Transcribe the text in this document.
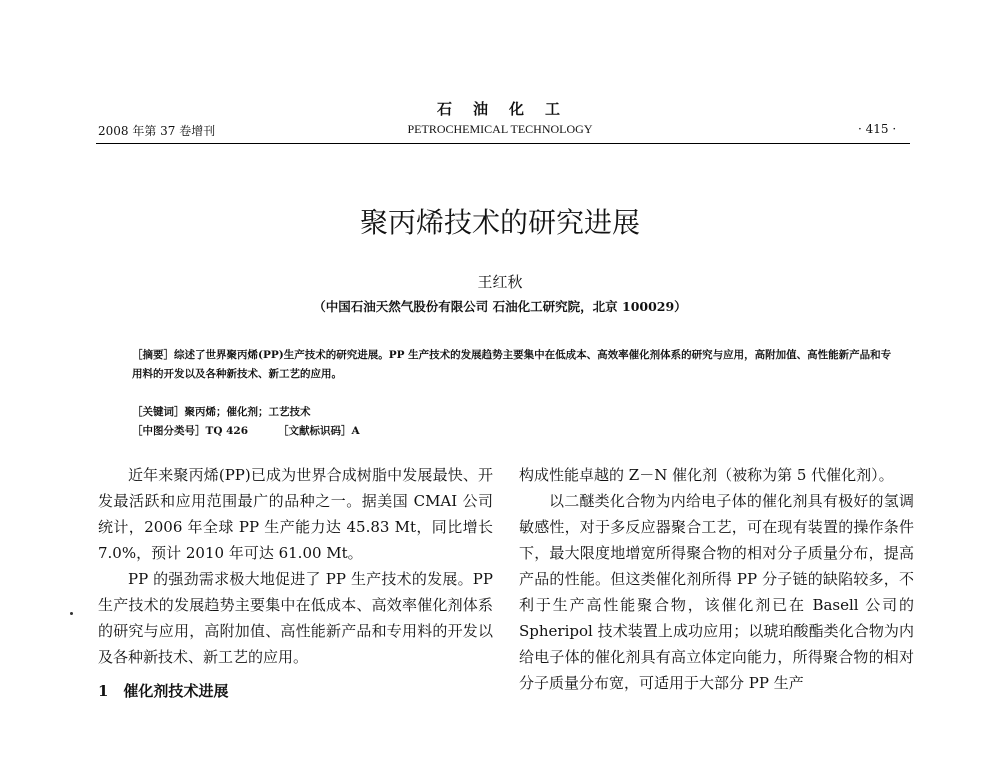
石　油　化　工
2008 年第 37 卷增刊	PETROCHEMICAL TECHNOLOGY	· 415 ·
聚丙烯技术的研究进展
王红秋
（中国石油天然气股份有限公司 石油化工研究院，北京 100029）
［摘要］综述了世界聚丙烯(PP)生产技术的研究进展。PP 生产技术的发展趋势主要集中在低成本、高效率催化剂体系的研究与应用，高附加值、高性能新产品和专用料的开发以及各种新技术、新工艺的应用。
［关键词］聚丙烯；催化剂；工艺技术
［中图分类号］TQ 426	［文献标识码］A

近年来聚丙烯(PP)已成为世界合成树脂中发展最快、开发最活跃和应用范围最广的品种之一。据美国 CMAI 公司统计，2006 年全球 PP 生产能力达 45.83 Mt，同比增长 7.0%，预计 2010 年可达 61.00 Mt。

PP 的强劲需求极大地促进了 PP 生产技术的发展。PP 生产技术的发展趋势主要集中在低成本、高效率催化剂体系的研究与应用，高附加值、高性能新产品和专用料的开发以及各种新技术、新工艺的应用。

1　催化剂技术进展

构成性能卓越的 Z－N 催化剂（被称为第 5 代催化剂）。

以二醚类化合物为内给电子体的催化剂具有极好的氢调敏感性，对于多反应器聚合工艺，可在现有装置的操作条件下，最大限度地增宽所得聚合物的相对分子质量分布，提高产品的性能。但这类催化剂所得 PP 分子链的缺陷较多，不利于生产高性能聚合物，该催化剂已在 Basell 公司的 Spheripol 技术装置上成功应用；以琥珀酸酯类化合物为内给电子体的催化剂具有高立体定向能力，所得聚合物的相对分子质量分布宽，可适用于大部分 PP 生产
